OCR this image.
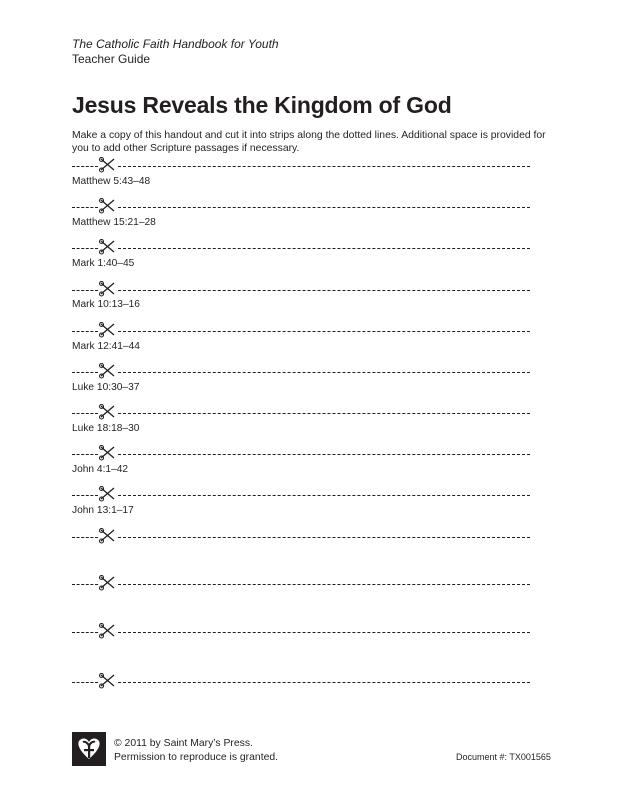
The Catholic Faith Handbook for Youth
Teacher Guide
Jesus Reveals the Kingdom of God

Make a copy of this handout and cut it into strips along the dotted lines. Additional space is provided for you to add other Scripture passages if necessary.

Matthew 5:43–48
Matthew 15:21–28
Mark 1:40–45
Mark 10:13–16
Mark 12:41–44
Luke 10:30–37
Luke 18:18–30
John 4:1–42
John 13:1–17
© 2011 by Saint Mary’s Press.
Permission to reproduce is granted.	Document #: TX001565
